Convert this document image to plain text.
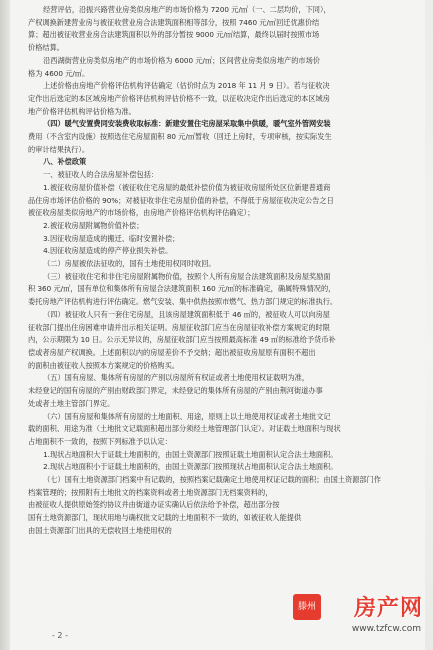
经营评估，沿振兴路营业房类似房地产的市场价格为 7200 元/㎡（一、二层均价，下同），

产权调换新建营业房与被征收营业房合法建筑面积相等部分，按照 7460 元/㎡回迁优惠价结

算；超出被征收营业房合法建筑面积以外的部分暂按 9000 元/㎡结算，最终以届时按照市场

价格结算。

沿西湖街营业房类似房地产的市场价格为 6000 元/㎡；区间营业房类似房地产的市场价

格为 4600 元/㎡。

上述价格由房地产价格评估机构评估确定（估价时点为 2018 年 11 月 9 日）。若与征收决

定作出后选定的本区域房地产价格评估机构评估价格不一致，以征收决定作出后选定的本区域房

地产价格评估机构评估价格为准。

（四）暖气安置费同安装费收取标准：新建安置住宅房屋采取集中供暖，暖气室外管网安装

费用（不含室内设施）按照选住宅房屋面积 80 元/㎡暂收（回迁上房时，专项审核，按实际发生

的审计结果执行）。

八、补偿政策

一、被征收人的合法房屋补偿包括：

1.被征收房屋价值补偿（被征收住宅房屋的最低补偿价值为被征收房屋所处区位新建普通商

品住房市场评估价格的 90%；对被征收非住宅房屋价值的补偿，不得低于房屋征收决定公告之日

被征收房屋类似房地产的市场价格，由房地产价格评估机构评估确定）；

2.被征收房屋附属物价值补偿；

3.因征收房屋造成的搬迁、临时安置补偿；

4.因征收房屋造成的停产停业损失补偿。

（二）房屋被依法征收的，国有土地使用权同时收回。

（三）被征收住宅和非住宅房屋附属物价值，按照个人所有房屋合法建筑面积及房屋奖励面

积 360 元/㎡，国有单位和集体所有房屋合法建筑面积 160 元/㎡的标准确定，确属特殊情况的，

委托房地产评估机构进行评估确定。燃气安装、集中供热按照市燃气、热力部门规定的标准执行。

（四）被征收人只有一套住宅房屋，且该房屋建筑面积低于 46 ㎡的，被征收人可以向房屋

征收部门提出住房困难申请并出示相关证明。房屋征收部门应当在房屋征收补偿方案规定的时限

内，公示期限为 10 日。公示无异议的，房屋征收部门应当按照最高标准 49 ㎡的标准给予货币补

偿或者房屋产权调换。上述面积以内的房屋差价不予交纳；超出被征收房屋原有面积不超出

的面积由被征收人按照本方案规定的价格购买。

（五）国有房屋、集体所有房屋的产别以房屋所有权证或者土地使用权证载明为准，

未经登记的国有房屋的产别由财政部门界定，未经登记的集体所有房屋的产别由荆河街道办事

处或者土地主管部门界定。

（六）国有房屋和集体所有房屋的土地面积、用途，原则上以土地使用权证或者土地批文记

载的面积、用途为准（土地批文记载面积超出部分须经土地管理部门认定）。对证载土地面积与现状

占地面积不一致的，按照下列标准予以认定：

1.现状占地面积大于证载土地面积的，由国土资源部门按照证载土地面积认定合法土地面积。

2.现状占地面积小于证载土地面积的，由国土资源部门按照现状占地面积认定合法土地面积。

（七）国有土地资源部门档案中有记载的，按照档案记载确定土地使用权证记载的面积；由国土资源部门作

档案管理的；按照附有土地批文的档案资料或者土地资源部门无档案资料的，

由被征收人提供原始签约协议并由街道办证实确认后依法给予补偿，超出部分按

国有土地资源部门，现状用地与确权批文记载的土地面积不一致的，如被征收人能提供

由国土资源部门出具的无偿收回土地使用权的

- 2 -
滕州 房产网
www.tzfcw.com
